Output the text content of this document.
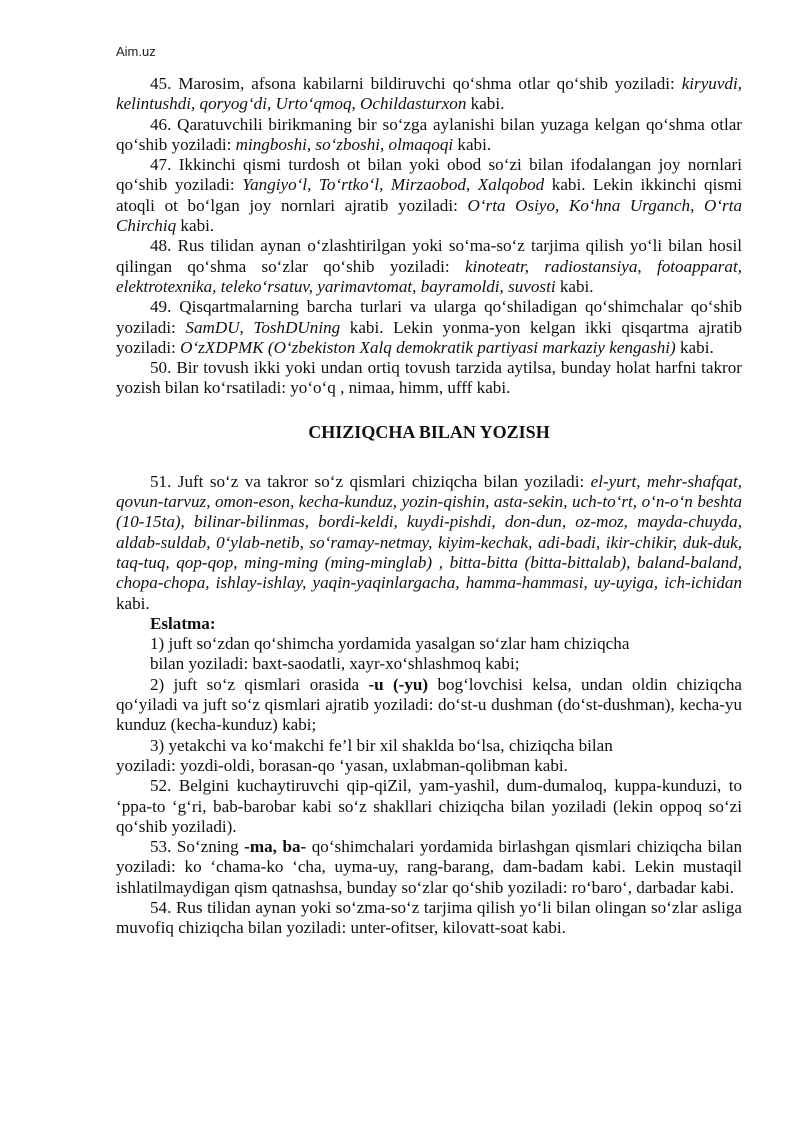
Aim.uz

45. Marosim, afsona kabilarni bildiruvchi qo‘shma otlar qo‘shib yoziladi: kiryuvdi, kelintushdi, qoryog‘di, Urto‘qmoq, Ochildasturxon kabi.

46. Qaratuvchili birikmaning bir so‘zga aylanishi bilan yuzaga kelgan qo‘shma otlar qo‘shib yoziladi: mingboshi, so‘zboshi, olmaqoqi kabi.

47. Ikkinchi qismi turdosh ot bilan yoki obod so‘zi bilan ifodalangan joy nornlari qo‘shib yoziladi: Yangiyo‘l, To‘rtko‘l, Mirzaobod, Xalqobod kabi. Lekin ikkinchi qismi atoqli ot bo‘lgan joy nornlari ajratib yoziladi: O‘rta Osiyo, Ko‘hna Urganch, O‘rta Chirchiq kabi.

48. Rus tilidan aynan o‘zlashtirilgan yoki so‘ma-so‘z tarjima qilish yo‘li bilan hosil qilingan qo‘shma so‘zlar qo‘shib yoziladi: kinoteatr, radiostansiya, fotoapparat, elektrotexnika, teleko‘rsatuv, yarimavtomat, bayramoldi, suvosti kabi.

49. Qisqartmalarning barcha turlari va ularga qo‘shiladigan qo‘shimchalar qo‘shib yoziladi: SamDU, ToshDUning kabi. Lekin yonma-yon kelgan ikki qisqartma ajratib yoziladi: O‘zXDPMK (O‘zbekiston Xalq demokratik partiyasi markaziy kengashi) kabi.

50. Bir tovush ikki yoki undan ortiq tovush tarzida aytilsa, bunday holat harfni takror yozish bilan ko‘rsatiladi: yo‘o‘q , nimaa, himm, ufff kabi.

CHIZIQCHA BILAN YOZISH

51. Juft so‘z va takror so‘z qismlari chiziqcha bilan yoziladi: el-yurt, mehr-shafqat, qovun-tarvuz, omon-eson, kecha-kunduz, yozin-qishin, asta-sekin, uch-to‘rt, o‘n-o‘n beshta (10-15ta), bilinar-bilinmas, bordi-keldi, kuydi-pishdi, don-dun, oz-moz, mayda-chuyda, aldab-suldab, 0‘ylab-netib, so‘ramay-netmay, kiyim-kechak, adi-badi, ikir-chikir, duk-duk, taq-tuq, qop-qop, ming-ming (ming-minglab) , bitta-bitta (bitta-bittalab), baland-baland, chopa-chopa, ishlay-ishlay, yaqin-yaqinlargacha, hamma-hammasi, uy-uyiga, ich-ichidan kabi.

Eslatma:

1) juft so‘zdan qo‘shimcha yordamida yasalgan so‘zlar ham chiziqcha

bilan yoziladi: baxt-saodatli, xayr-xo‘shlashmoq kabi;

2) juft so‘z qismlari orasida -u (-yu) bog‘lovchisi kelsa, undan oldin chiziqcha qo‘yiladi va juft so‘z qismlari ajratib yoziladi: do‘st-u dushman (do‘st-dushman), kecha-yu kunduz (kecha-kunduz) kabi;

3) yetakchi va ko‘makchi fe’l bir xil shaklda bo‘lsa, chiziqcha bilan

yoziladi: yozdi-oldi, borasan-qo ‘yasan, uxlabman-qolibman kabi.

52. Belgini kuchaytiruvchi qip-qiZil, yam-yashil, dum-dumaloq, kuppa-kunduzi, to ‘ppa-to ‘g‘ri, bab-barobar kabi so‘z shakllari chiziqcha bilan yoziladi (lekin oppoq so‘zi qo‘shib yoziladi).

53. So‘zning -ma, ba- qo‘shimchalari yordamida birlashgan qismlari chiziqcha bilan yoziladi: ko ‘chama-ko ‘cha, uyma-uy, rang-barang, dam-badam kabi. Lekin mustaqil ishlatilmaydigan qism qatnashsa, bunday so‘zlar qo‘shib yoziladi: ro‘baro‘, darbadar kabi.

54. Rus tilidan aynan yoki so‘zma-so‘z tarjima qilish yo‘li bilan olingan so‘zlar asliga muvofiq chiziqcha bilan yoziladi: unter-ofitser, kilovatt-soat kabi.
